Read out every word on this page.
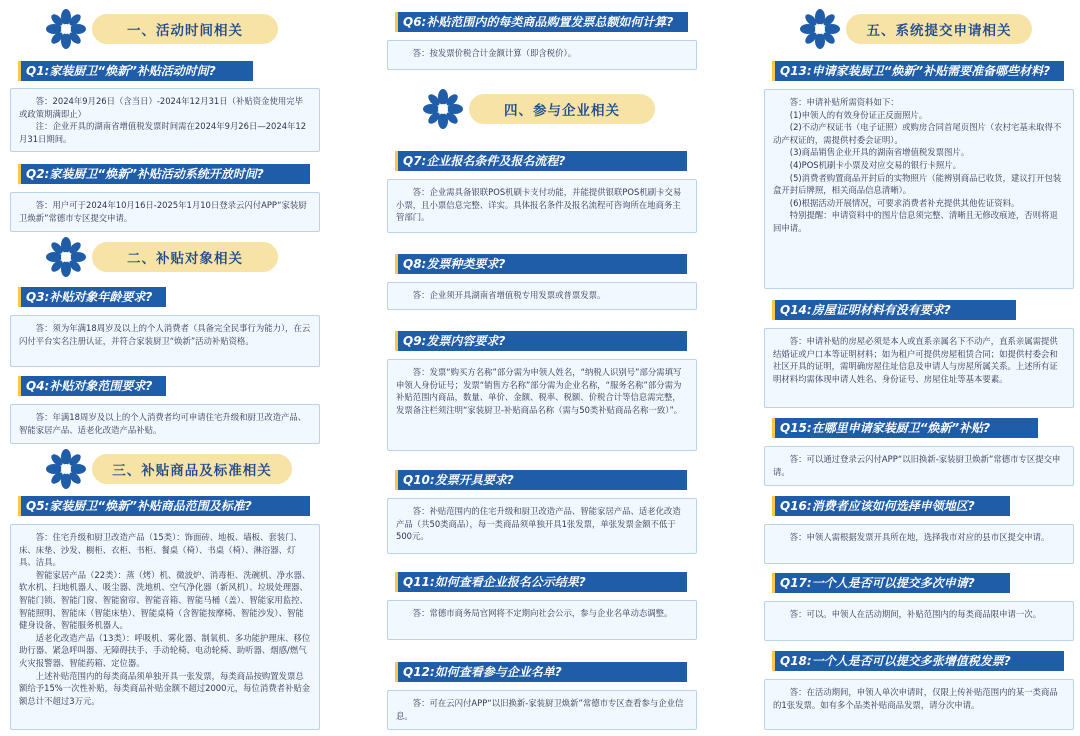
一、活动时间相关
Q1:家装厨卫“焕新”补贴活动时间?

答：2024年9月26日（含当日）-2024年12月31日（补贴资金使用完毕或政策期满即止）

注：企业开具的湖南省增值税发票时间需在2024年9月26日—2024年12月31日期间。

Q2:家装厨卫“焕新”补贴活动系统开放时间?

答：用户可于2024年10月16日-2025年1月10日登录云闪付APP“家装厨卫焕新”常德市专区提交申请。

二、补贴对象相关
Q3:补贴对象年龄要求?

答：须为年满18周岁及以上的个人消费者（具备完全民事行为能力），在云闪付平台实名注册认证，并符合家装厨卫“焕新”活动补贴资格。

Q4:补贴对象范围要求?

答：年满18周岁及以上的个人消费者均可申请住宅升级和厨卫改造产品、智能家居产品、适老化改造产品补贴。

三、补贴商品及标准相关
Q5:家装厨卫“焕新”补贴商品范围及标准?

答：住宅升级和厨卫改造产品（15类）：饰面砖、地板、墙板、套装门、床、床垫、沙发、橱柜、衣柜、书柜、餐桌（椅）、书桌（椅）、淋浴器、灯具、洁具。

智能家居产品（22类）：蒸（烤）机、微波炉、消毒柜、洗碗机、净水器、软水机、扫地机器人、吸尘器、洗地机、空气净化器（新风机）、垃圾处理器、智能门锁、智能门窗、智能窗帘、智能音箱、智能马桶（盖）、智能家用监控、智能照明、智能床（智能床垫）、智能桌椅（含智能按摩椅、智能沙发）、智能健身设备、智能服务机器人。

适老化改造产品（13类）：呼吸机、雾化器、制氧机、多功能护理床、移位助行器、紧急呼叫器、无障碍扶手、手动轮椅、电动轮椅、助听器、烟感/燃气火灾报警器、智能药箱、定位器。

上述补贴范围内的每类商品须单独开具一张发票，每类商品按购置发票总额给予15%一次性补贴，每类商品补贴金额不超过2000元，每位消费者补贴金额总计不超过3万元。

Q6:补贴范围内的每类商品购置发票总额如何计算?

答：按发票价税合计金额计算（即含税价）。

四、参与企业相关
Q7:企业报名条件及报名流程?

答：企业需具备银联POS机刷卡支付功能，并能提供银联POS机刷卡交易小票，且小票信息完整、详实。具体报名条件及报名流程可咨询所在地商务主管部门。

Q8:发票种类要求?

答：企业须开具湖南省增值税专用发票或普票发票。

Q9:发票内容要求?

答：发票“购买方名称”部分需为申领人姓名，“纳税人识别号”部分需填写申领人身份证号；发票“销售方名称”部分需为企业名称，“服务名称”部分需为补贴范围内商品，数量、单价、金额、税率、税额、价税合计等信息需完整，发票备注栏须注明“家装厨卫-补贴商品名称（需与50类补贴商品名称一致）”。

Q10:发票开具要求?

答：补贴范围内的住宅升级和厨卫改造产品、智能家居产品、适老化改造产品（共50类商品），每一类商品须单独开具1张发票，单张发票金额不低于500元。

Q11:如何查看企业报名公示结果?

答：常德市商务局官网将不定期向社会公示，参与企业名单动态调整。

Q12:如何查看参与企业名单?

答：可在云闪付APP“以旧换新-家装厨卫焕新”常德市专区查看参与企业信息。

五、系统提交申请相关
Q13:申请家装厨卫“焕新”补贴需要准备哪些材料?

答：申请补贴所需资料如下：

(1)申领人的有效身份证正反面照片。

(2)不动产权证书（电子证照）或购房合同首尾页图片（农村宅基未取得不动产权证的，需提供村委会证明）。

(3)商品销售企业开具的湖南省增值税发票图片。

(4)POS机刷卡小票及对应交易的银行卡照片。

(5)消费者购置商品开封后的实物照片（能辨别商品已收货，建议打开包装盒开封后牌照，相关商品信息清晰）。

(6)根据活动开展情况，可要求消费者补充提供其他佐证资料。

特别提醒：申请资料中的图片信息须完整、清晰且无修改痕迹，否则将退回申请。

Q14:房屋证明材料有没有要求?

答：申请补贴的房屋必须是本人或直系亲属名下不动产，直系亲属需提供结婚证或户口本等证明材料；如为租户可提供房屋租赁合同；如提供村委会和社区开具的证明，需明确房屋住址信息及申请人与房屋所属关系。上述所有证明材料均需体现申请人姓名、身份证号、房屋住址等基本要素。

Q15:在哪里申请家装厨卫“焕新”补贴?

答：可以通过登录云闪付APP“以旧换新-家装厨卫焕新”常德市专区提交申请。

Q16:消费者应该如何选择申领地区?

答：申领人需根据发票开具所在地，选择我市对应的县市区提交申请。

Q17:一个人是否可以提交多次申请?

答：可以。申领人在活动期间，补贴范围内的每类商品限申请一次。

Q18:一个人是否可以提交多张增值税发票?

答：在活动期间，申领人单次申请时，仅限上传补贴范围内的某一类商品的1张发票。如有多个品类补贴商品发票，请分次申请。
